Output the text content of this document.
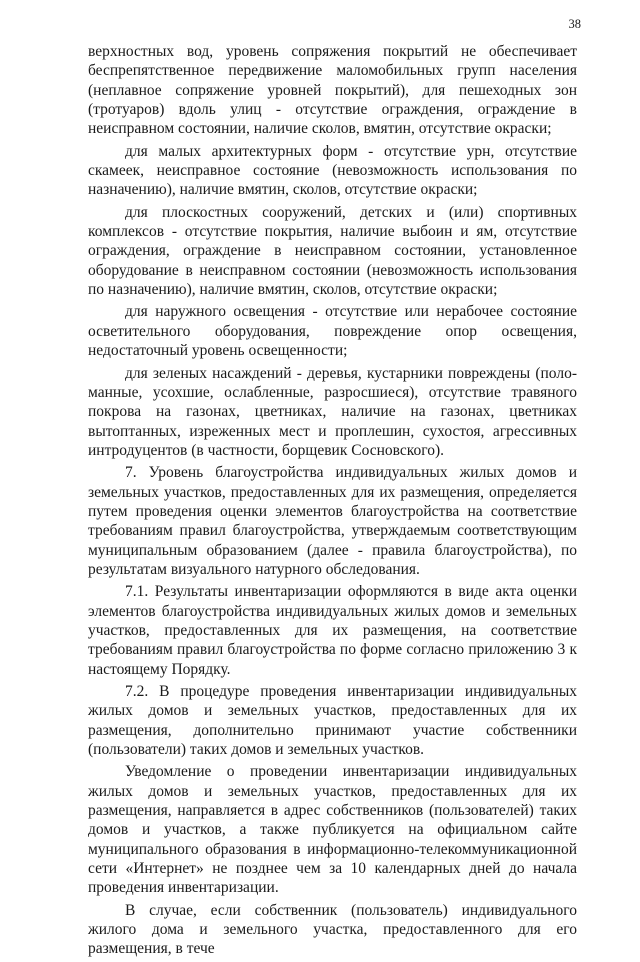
38

верхностных вод, уровень сопряжения покрытий не обеспечивает беспрепятственное передвижение маломобильных групп населения (неплавное сопряжение уровней покрытий), для пешеходных зон (тротуаров) вдоль улиц - отсутствие ограждения, ограждение в неисправном состоянии, наличие сколов, вмятин, отсутствие окраски;

для малых архитектурных форм - отсутствие урн, отсутствие скамеек, неисправное состояние (невозможность использования по назначению), наличие вмятин, сколов, отсутствие окраски;

для плоскостных сооружений, детских и (или) спортивных комплексов - отсутствие покрытия, наличие выбоин и ям, отсутствие ограждения, ограждение в неисправном состоянии, установленное оборудование в неисправном состоянии (невозможность использования по назначению), наличие вмятин, сколов, отсутствие окраски;

для наружного освещения - отсутствие или нерабочее состояние осветительного оборудования, повреждение опор освещения, недостаточный уровень освещенности;

для зеленых насаждений - деревья, кустарники повреждены (поломанные, усохшие, ослабленные, разросшиеся), отсутствие травяного покрова на газонах, цветниках, наличие на газонах, цветниках вытоптанных, изреженных мест и проплешин, сухостоя, агрессивных интродуцентов (в частности, борщевик Сосновского).

7. Уровень благоустройства индивидуальных жилых домов и земельных участков, предоставленных для их размещения, определяется путем проведения оценки элементов благоустройства на соответствие требованиям правил благоустройства, утверждаемым соответствующим муниципальным образованием (далее - правила благоустройства), по результатам визуального натурного обследования.

7.1. Результаты инвентаризации оформляются в виде акта оценки элементов благоустройства индивидуальных жилых домов и земельных участков, предоставленных для их размещения, на соответствие требованиям правил благоустройства по форме согласно приложению 3 к настоящему Порядку.

7.2. В процедуре проведения инвентаризации индивидуальных жилых домов и земельных участков, предоставленных для их размещения, дополнительно принимают участие собственники (пользователи) таких домов и земельных участков.

Уведомление о проведении инвентаризации индивидуальных жилых домов и земельных участков, предоставленных для их размещения, направляется в адрес собственников (пользователей) таких домов и участков, а также публикуется на официальном сайте муниципального образования в информационно-телекоммуникационной сети «Интернет» не позднее чем за 10 календарных дней до начала проведения инвентаризации.

В случае, если собственник (пользователь) индивидуального жилого дома и земельного участка, предоставленного для его размещения, в тече
